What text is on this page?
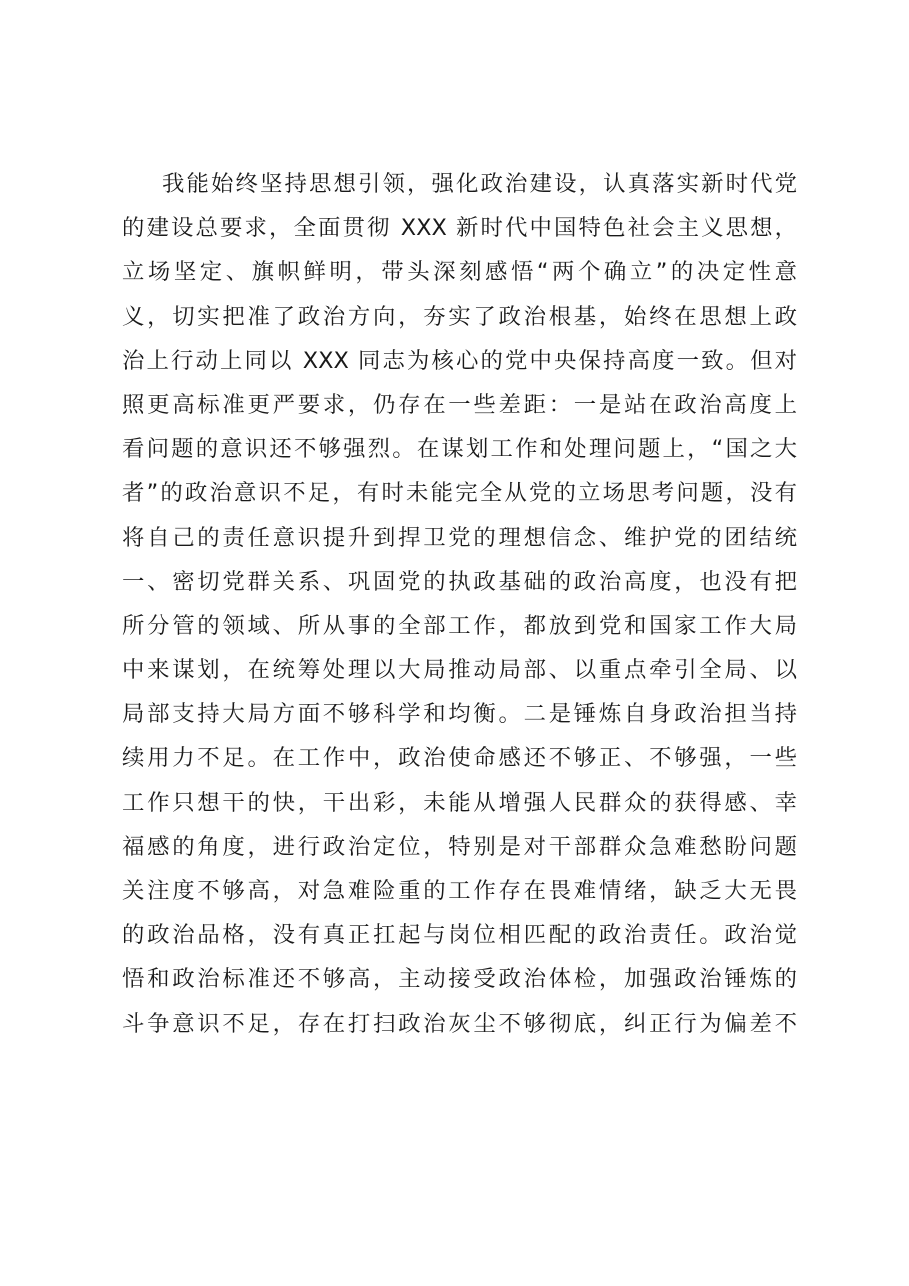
我能始终坚持思想引领，强化政治建设，认真落实新时代党
的建设总要求，全面贯彻 XXX 新时代中国特色社会主义思想，
立场坚定、旗帜鲜明，带头深刻感悟“两个确立”的决定性意
义，切实把准了政治方向，夯实了政治根基，始终在思想上政
治上行动上同以 XXX 同志为核心的党中央保持高度一致。但对
照更高标准更严要求，仍存在一些差距：一是站在政治高度上
看问题的意识还不够强烈。在谋划工作和处理问题上，“国之大
者”的政治意识不足，有时未能完全从党的立场思考问题，没有
将自己的责任意识提升到捍卫党的理想信念、维护党的团结统
一、密切党群关系、巩固党的执政基础的政治高度，也没有把
所分管的领域、所从事的全部工作，都放到党和国家工作大局
中来谋划，在统筹处理以大局推动局部、以重点牵引全局、以
局部支持大局方面不够科学和均衡。二是锤炼自身政治担当持
续用力不足。在工作中，政治使命感还不够正、不够强，一些
工作只想干的快，干出彩，未能从增强人民群众的获得感、幸
福感的角度，进行政治定位，特别是对干部群众急难愁盼问题
关注度不够高，对急难险重的工作存在畏难情绪，缺乏大无畏
的政治品格，没有真正扛起与岗位相匹配的政治责任。政治觉
悟和政治标准还不够高，主动接受政治体检，加强政治锤炼的
斗争意识不足，存在打扫政治灰尘不够彻底，纠正行为偏差不
